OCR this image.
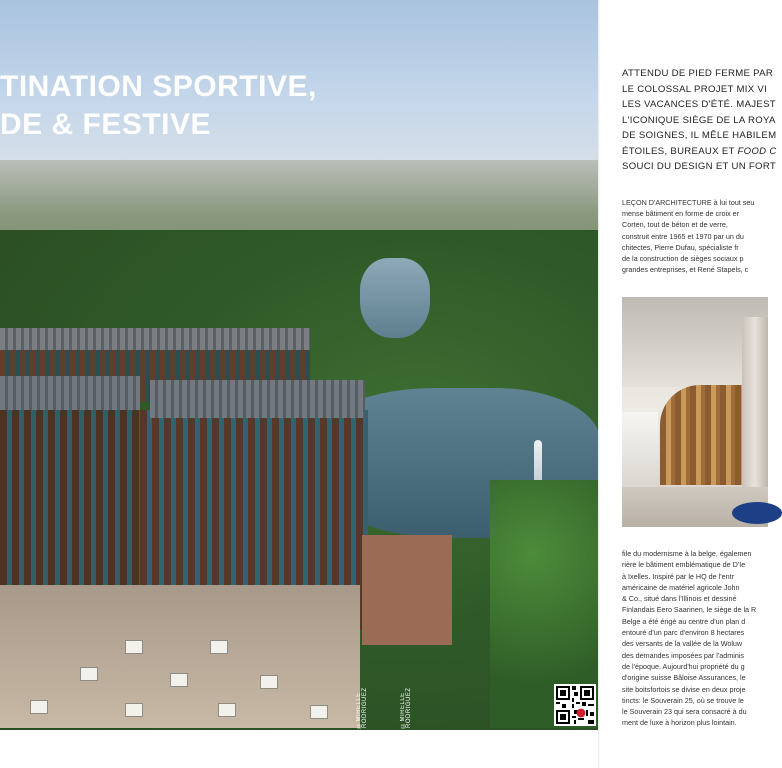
TINATION SPORTIVE,
DE & FESTIVE
©MIRELLE RODRIGUEZ	©MIRELLE RODRIGUEZ
ATTENDU DE PIED FERME PAR
LE COLOSSAL PROJET MIX VI
LES VACANCES D'ÉTÉ. MAJEST
L'ICONIQUE SIÈGE DE LA ROYA
DE SOIGNES, IL MÊLE HABILEM
ÉTOILES, BUREAUX ET FOOD C
SOUCI DU DESIGN ET UN FORT
LEÇON D'ARCHITECTURE à lui tout seu
mense bâtiment en forme de croix er
Corten, tout de béton et de verre,
construit entre 1965 et 1970 par un du
chitectes, Pierre Dufau, spécialiste fr
de la construction de sièges sociaux p
grandes entreprises, et René Stapels, c
file du modernisme à la belge, égalemen
rière le bâtiment emblématique de D'Ie
à Ixelles. Inspiré par le HQ de l'entr
américaine de matériel agricole John
& Co., situé dans l'Illinois et dessiné
Finlandais Eero Saarinen, le siège de la R
Belge a été érigé au centre d'un plan d
entouré d'un parc d'environ 8 hectares
des versants de la vallée de la Woluw
des demandes imposées par l'adminis
de l'époque. Aujourd'hui propriété du g
d'origine suisse Bâloise Assurances, le
site boitsfortois se divise en deux proje
tincts: le Souverain 25, où se trouve le
le Souverain 23 qui sera consacré à du
ment de luxe à horizon plus lointain.
